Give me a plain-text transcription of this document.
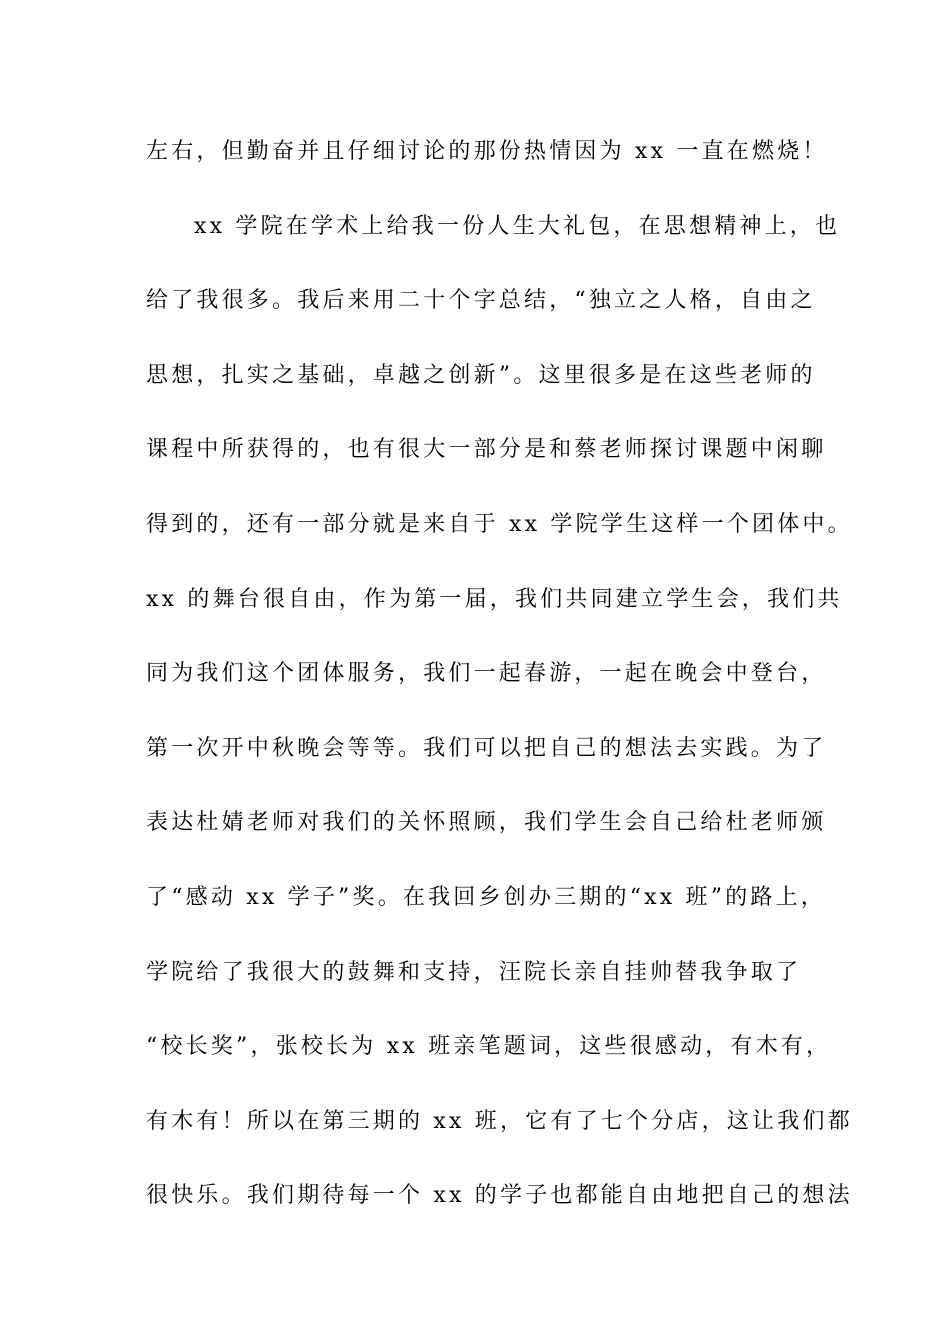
左右，但勤奋并且仔细讨论的那份热情因为 xx 一直在燃烧！
xx 学院在学术上给我一份人生大礼包，在思想精神上，也
给了我很多。我后来用二十个字总结，“独立之人格，自由之
思想，扎实之基础，卓越之创新”。这里很多是在这些老师的
课程中所获得的，也有很大一部分是和蔡老师探讨课题中闲聊
得到的，还有一部分就是来自于 xx 学院学生这样一个团体中。
xx 的舞台很自由，作为第一届，我们共同建立学生会，我们共
同为我们这个团体服务，我们一起春游，一起在晚会中登台，
第一次开中秋晚会等等。我们可以把自己的想法去实践。为了
表达杜婧老师对我们的关怀照顾，我们学生会自己给杜老师颁
了“感动 xx 学子”奖。在我回乡创办三期的“xx 班”的路上，
学院给了我很大的鼓舞和支持，汪院长亲自挂帅替我争取了
“校长奖”，张校长为 xx 班亲笔题词，这些很感动，有木有，
有木有！所以在第三期的 xx 班，它有了七个分店，这让我们都
很快乐。我们期待每一个 xx 的学子也都能自由地把自己的想法
